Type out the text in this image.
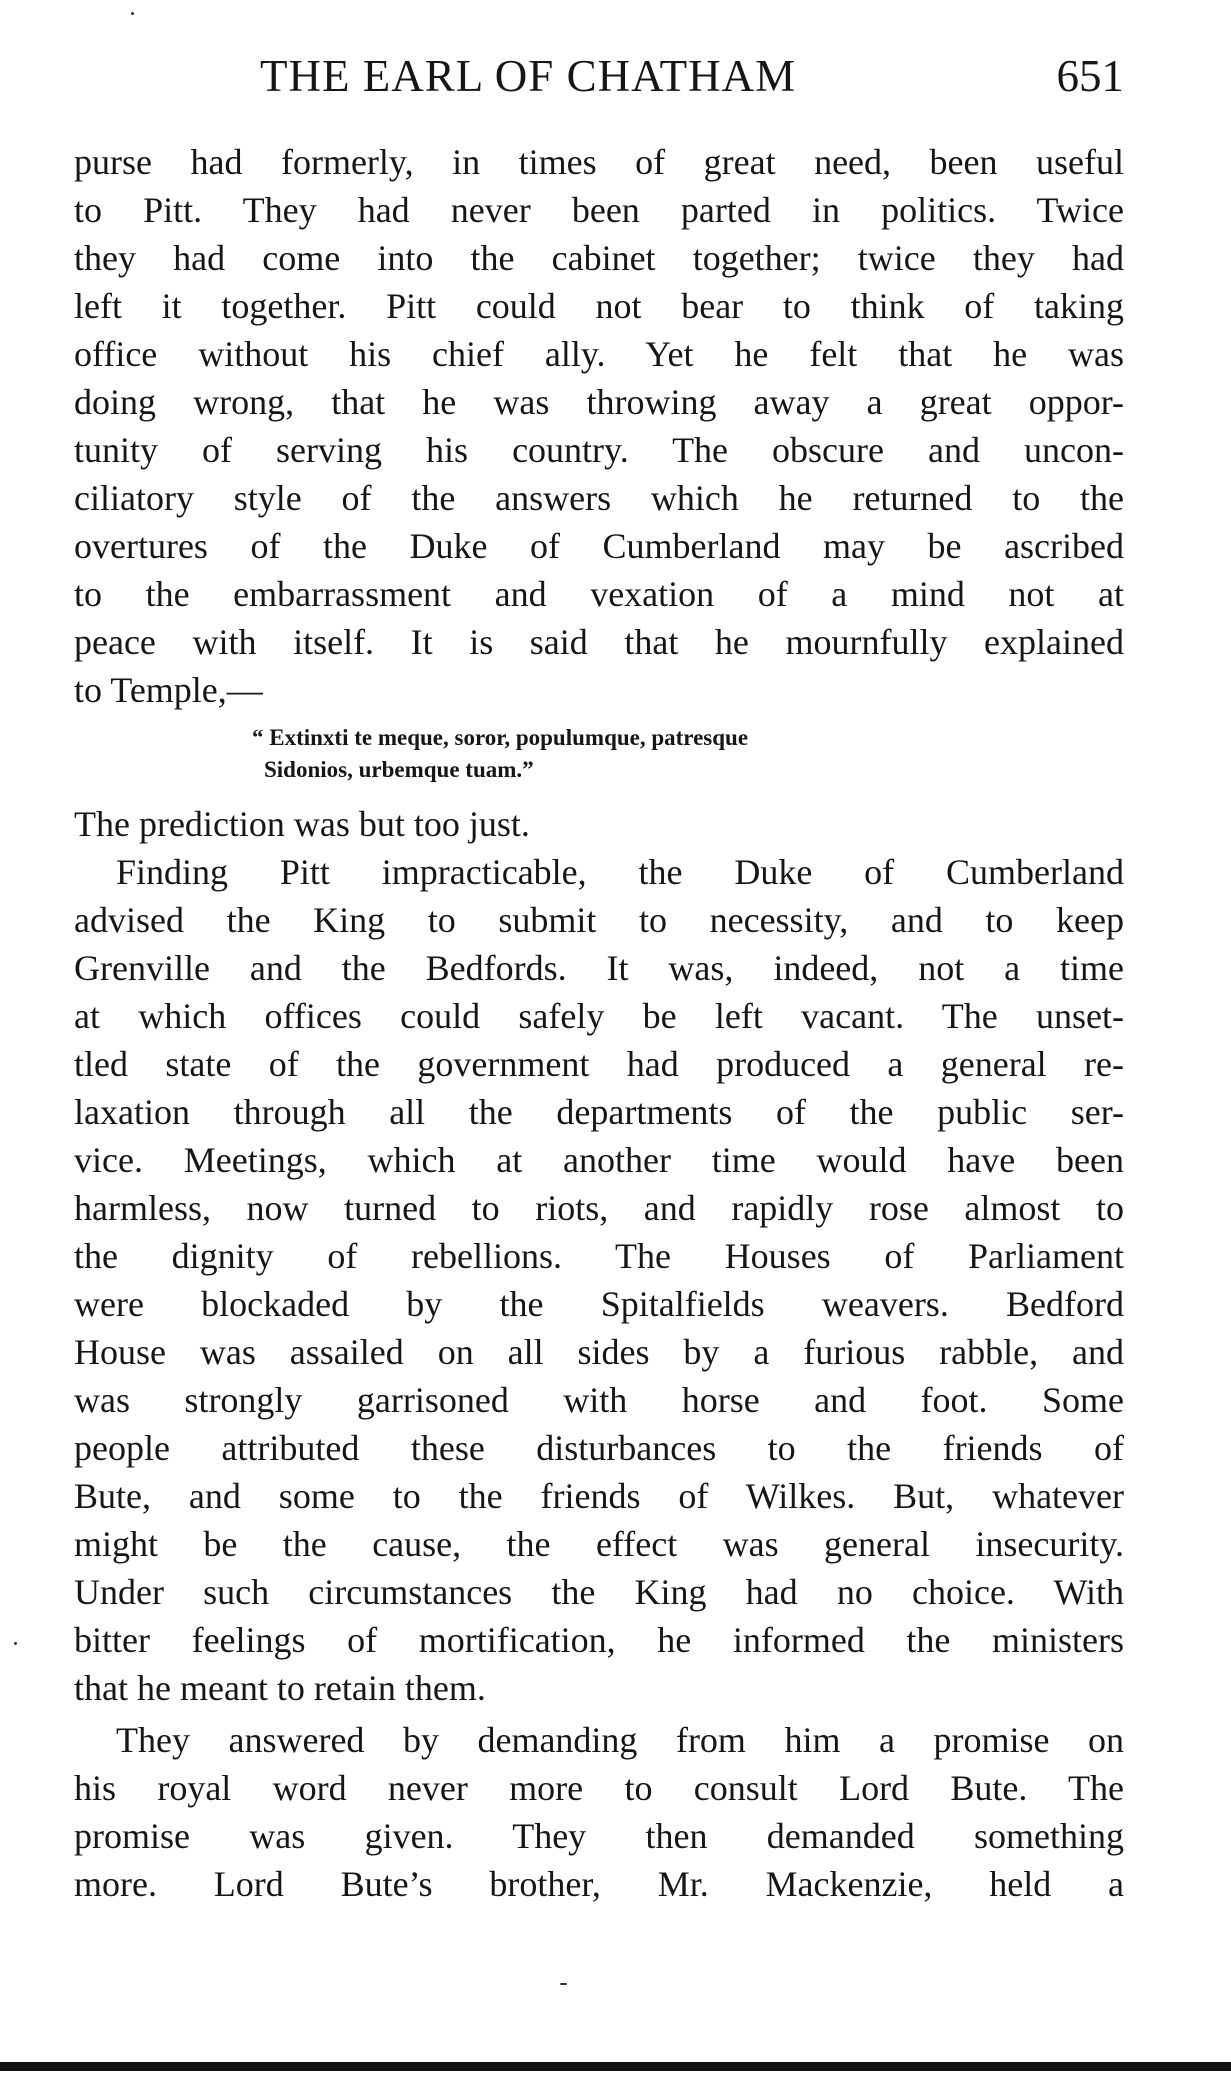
THE EARL OF CHATHAM	651
purse had formerly, in times of great need, been useful
to Pitt. They had never been parted in politics. Twice
they had come into the cabinet together; twice they had
left it together. Pitt could not bear to think of taking
office without his chief ally. Yet he felt that he was
doing wrong, that he was throwing away a great oppor-
tunity of serving his country. The obscure and uncon-
ciliatory style of the answers which he returned to the
overtures of the Duke of Cumberland may be ascribed
to the embarrassment and vexation of a mind not at
peace with itself. It is said that he mournfully explained
to Temple,—
“ Extinxti te meque, soror, populumque, patresque
Sidonios, urbemque tuam.”
The prediction was but too just.
Finding Pitt impracticable, the Duke of Cumberland
advised the King to submit to necessity, and to keep
Grenville and the Bedfords. It was, indeed, not a time
at which offices could safely be left vacant. The unset-
tled state of the government had produced a general re-
laxation through all the departments of the public ser-
vice. Meetings, which at another time would have been
harmless, now turned to riots, and rapidly rose almost to
the dignity of rebellions. The Houses of Parliament
were blockaded by the Spitalfields weavers. Bedford
House was assailed on all sides by a furious rabble, and
was strongly garrisoned with horse and foot. Some
people attributed these disturbances to the friends of
Bute, and some to the friends of Wilkes. But, whatever
might be the cause, the effect was general insecurity.
Under such circumstances the King had no choice. With
bitter feelings of mortification, he informed the ministers
that he meant to retain them.
They answered by demanding from him a promise on
his royal word never more to consult Lord Bute. The
promise was given. They then demanded something
more. Lord Bute’s brother, Mr. Mackenzie, held a
